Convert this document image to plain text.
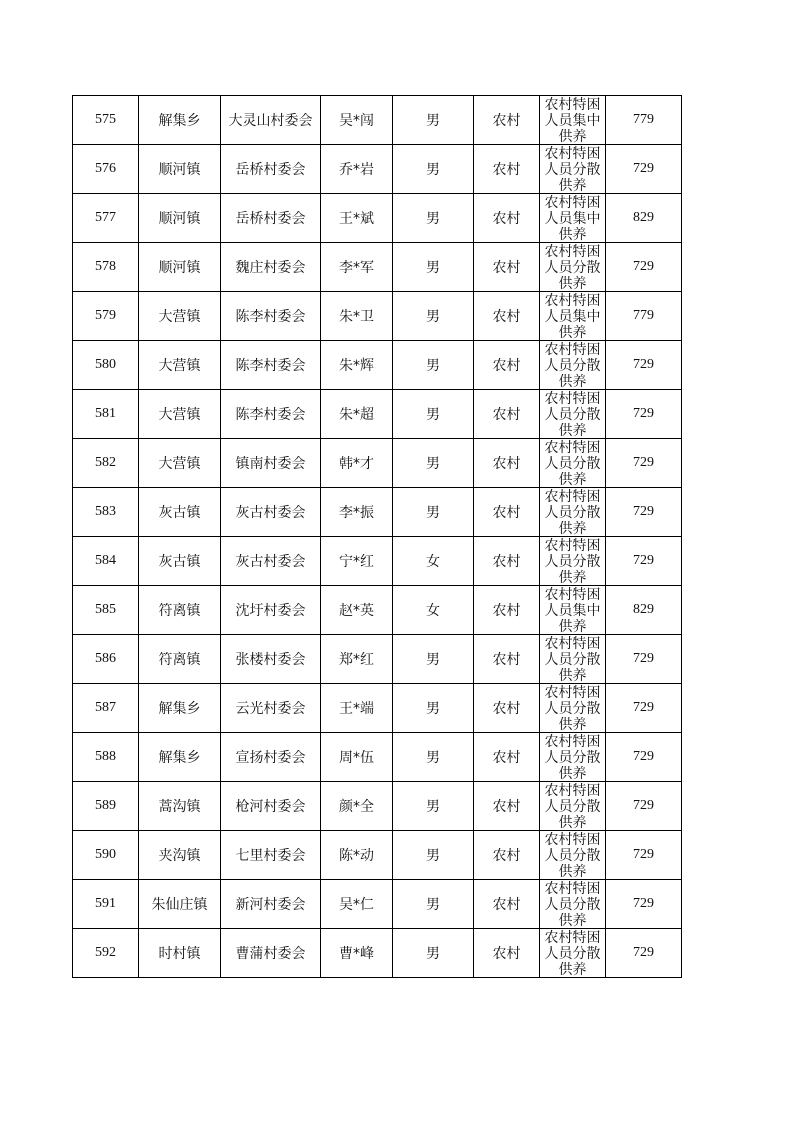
575	解集乡	大灵山村委会	吴*闯	男	农村	农村特困人员集中供养	779
576	顺河镇	岳桥村委会	乔*岩	男	农村	农村特困人员分散供养	729
577	顺河镇	岳桥村委会	王*斌	男	农村	农村特困人员集中供养	829
578	顺河镇	魏庄村委会	李*军	男	农村	农村特困人员分散供养	729
579	大营镇	陈李村委会	朱*卫	男	农村	农村特困人员集中供养	779
580	大营镇	陈李村委会	朱*辉	男	农村	农村特困人员分散供养	729
581	大营镇	陈李村委会	朱*超	男	农村	农村特困人员分散供养	729
582	大营镇	镇南村委会	韩*才	男	农村	农村特困人员分散供养	729
583	灰古镇	灰古村委会	李*振	男	农村	农村特困人员分散供养	729
584	灰古镇	灰古村委会	宁*红	女	农村	农村特困人员分散供养	729
585	符离镇	沈圩村委会	赵*英	女	农村	农村特困人员集中供养	829
586	符离镇	张楼村委会	郑*红	男	农村	农村特困人员分散供养	729
587	解集乡	云光村委会	王*端	男	农村	农村特困人员分散供养	729
588	解集乡	宣扬村委会	周*伍	男	农村	农村特困人员分散供养	729
589	蒿沟镇	枪河村委会	颜*全	男	农村	农村特困人员分散供养	729
590	夹沟镇	七里村委会	陈*动	男	农村	农村特困人员分散供养	729
591	朱仙庄镇	新河村委会	吴*仁	男	农村	农村特困人员分散供养	729
592	时村镇	曹蒲村委会	曹*峰	男	农村	农村特困人员分散供养	729
